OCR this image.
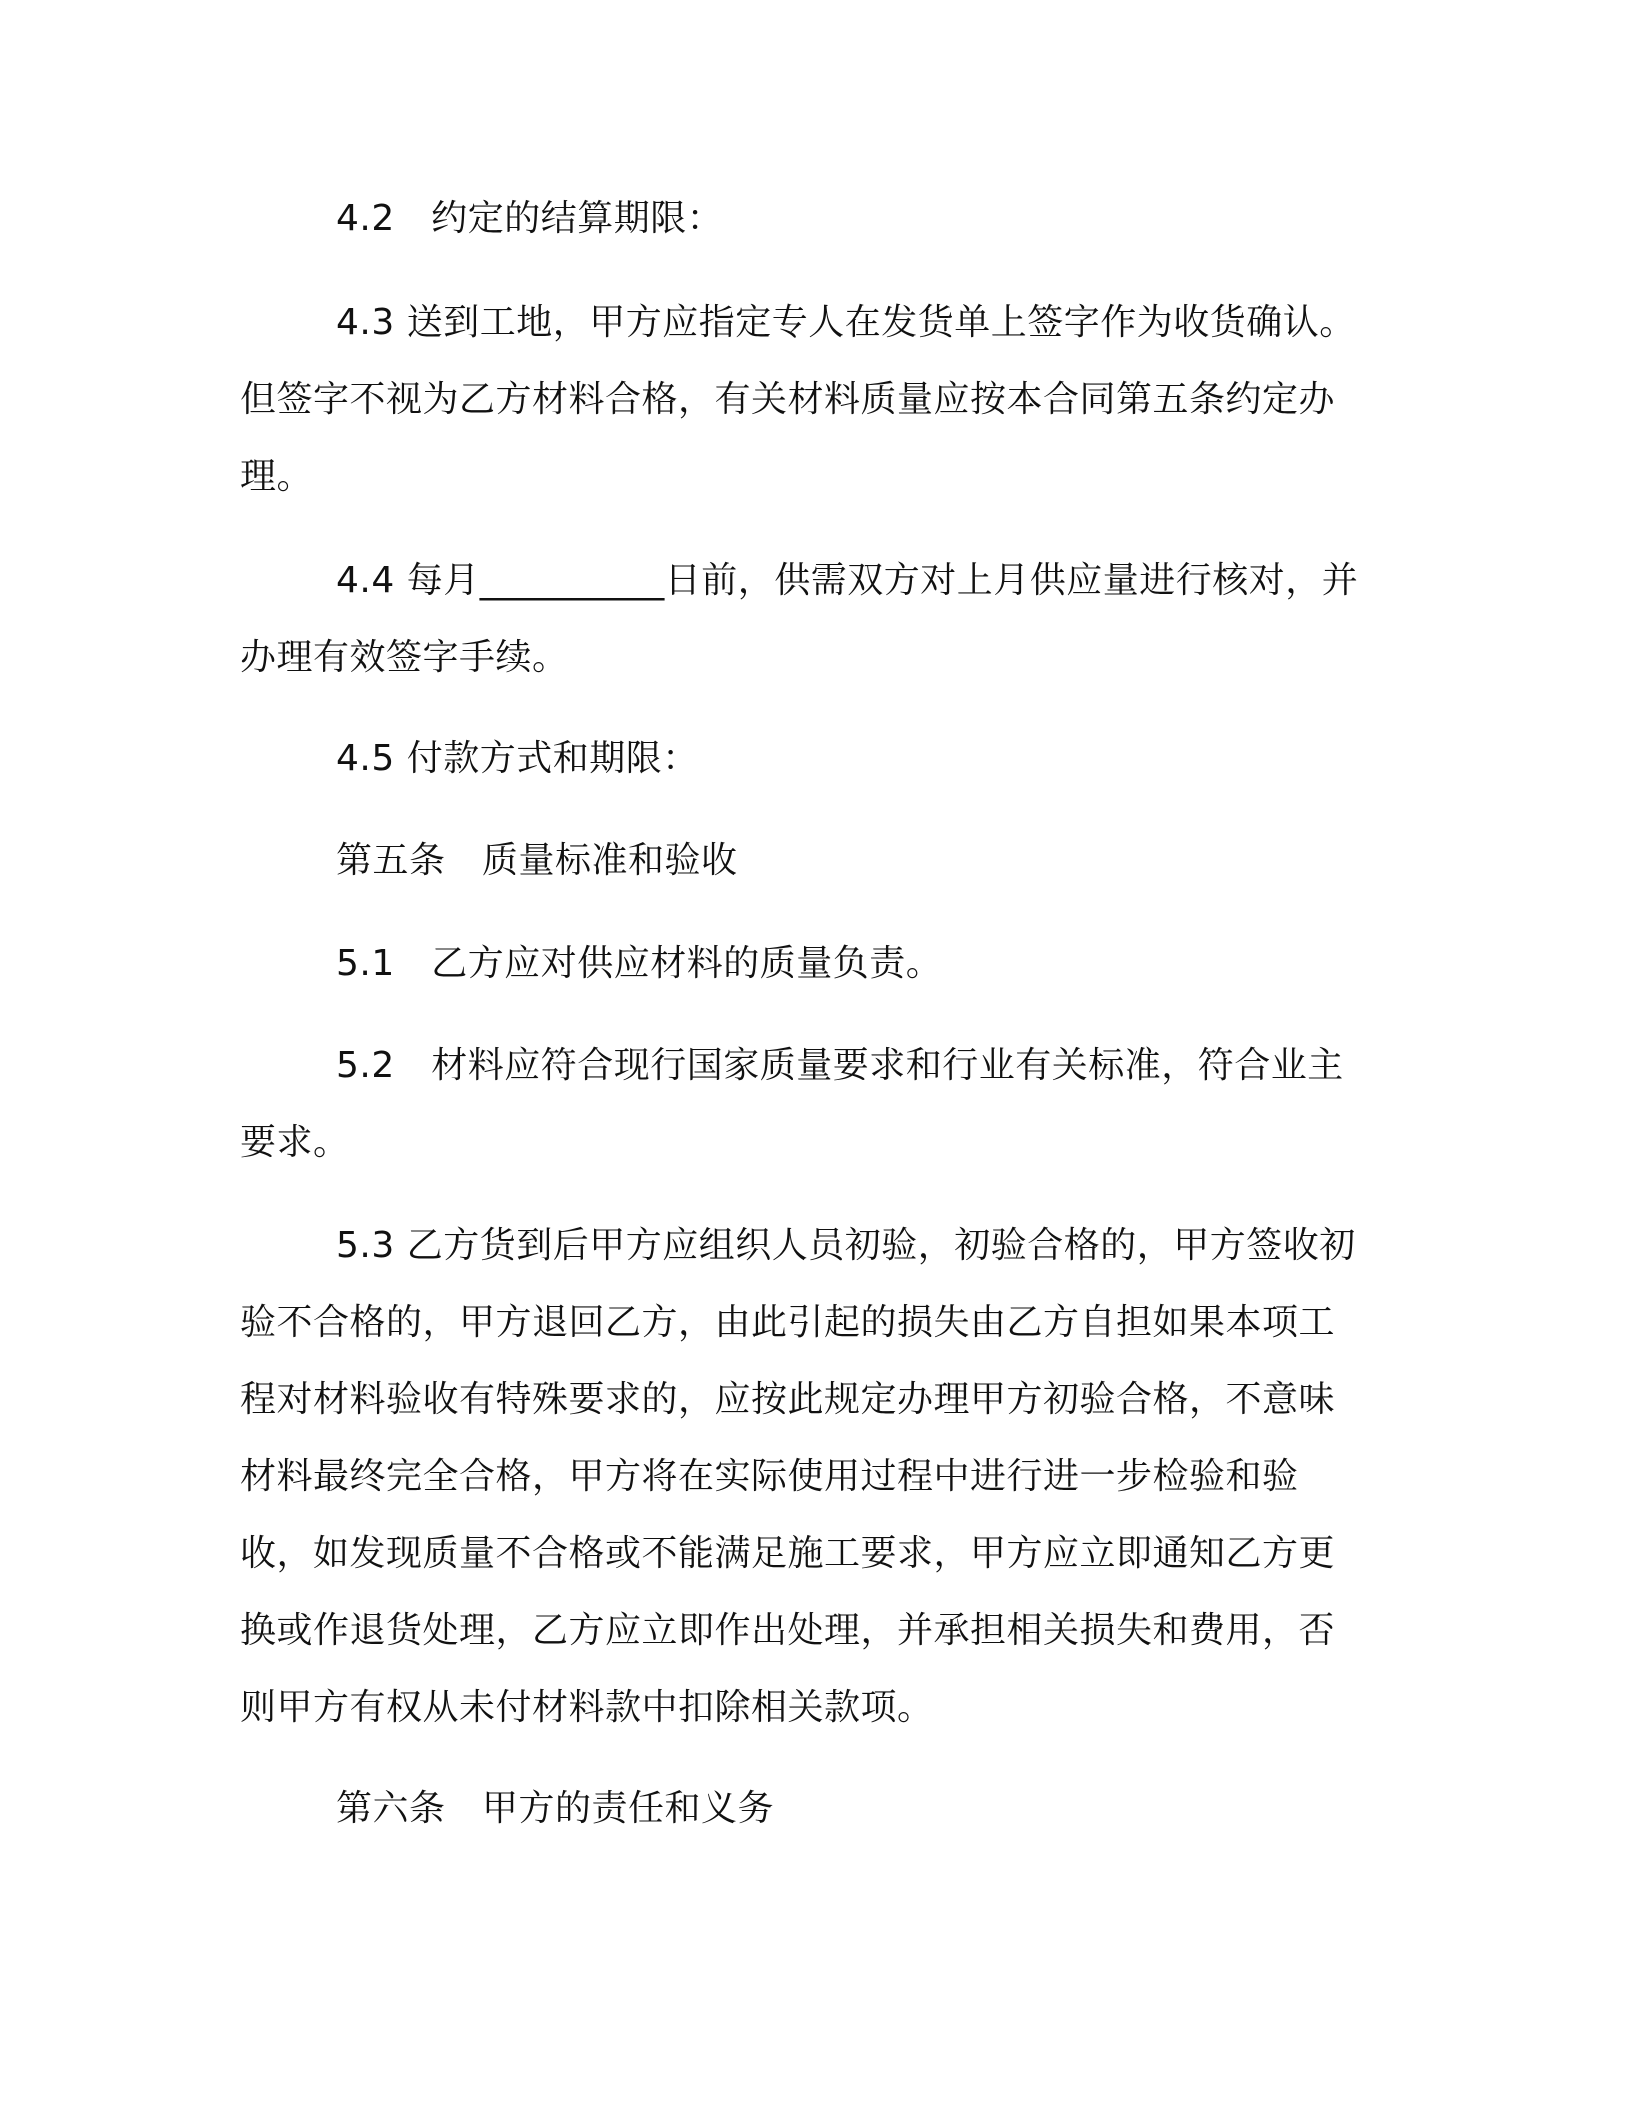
4.2　约定的结算期限：

4.3 送到工地，甲方应指定专人在发货单上签字作为收货确认。但签字不视为乙方材料合格，有关材料质量应按本合同第五条约定办理。

4.4 每月__________日前，供需双方对上月供应量进行核对，并办理有效签字手续。

4.5 付款方式和期限：

第五条　质量标准和验收

5.1　乙方应对供应材料的质量负责。

5.2　材料应符合现行国家质量要求和行业有关标准，符合业主要求。

5.3 乙方货到后甲方应组织人员初验，初验合格的，甲方签收初验不合格的，甲方退回乙方，由此引起的损失由乙方自担如果本项工程对材料验收有特殊要求的，应按此规定办理甲方初验合格，不意味材料最终完全合格，甲方将在实际使用过程中进行进一步检验和验收，如发现质量不合格或不能满足施工要求，甲方应立即通知乙方更换或作退货处理，乙方应立即作出处理，并承担相关损失和费用，否则甲方有权从未付材料款中扣除相关款项。

第六条　甲方的责任和义务
